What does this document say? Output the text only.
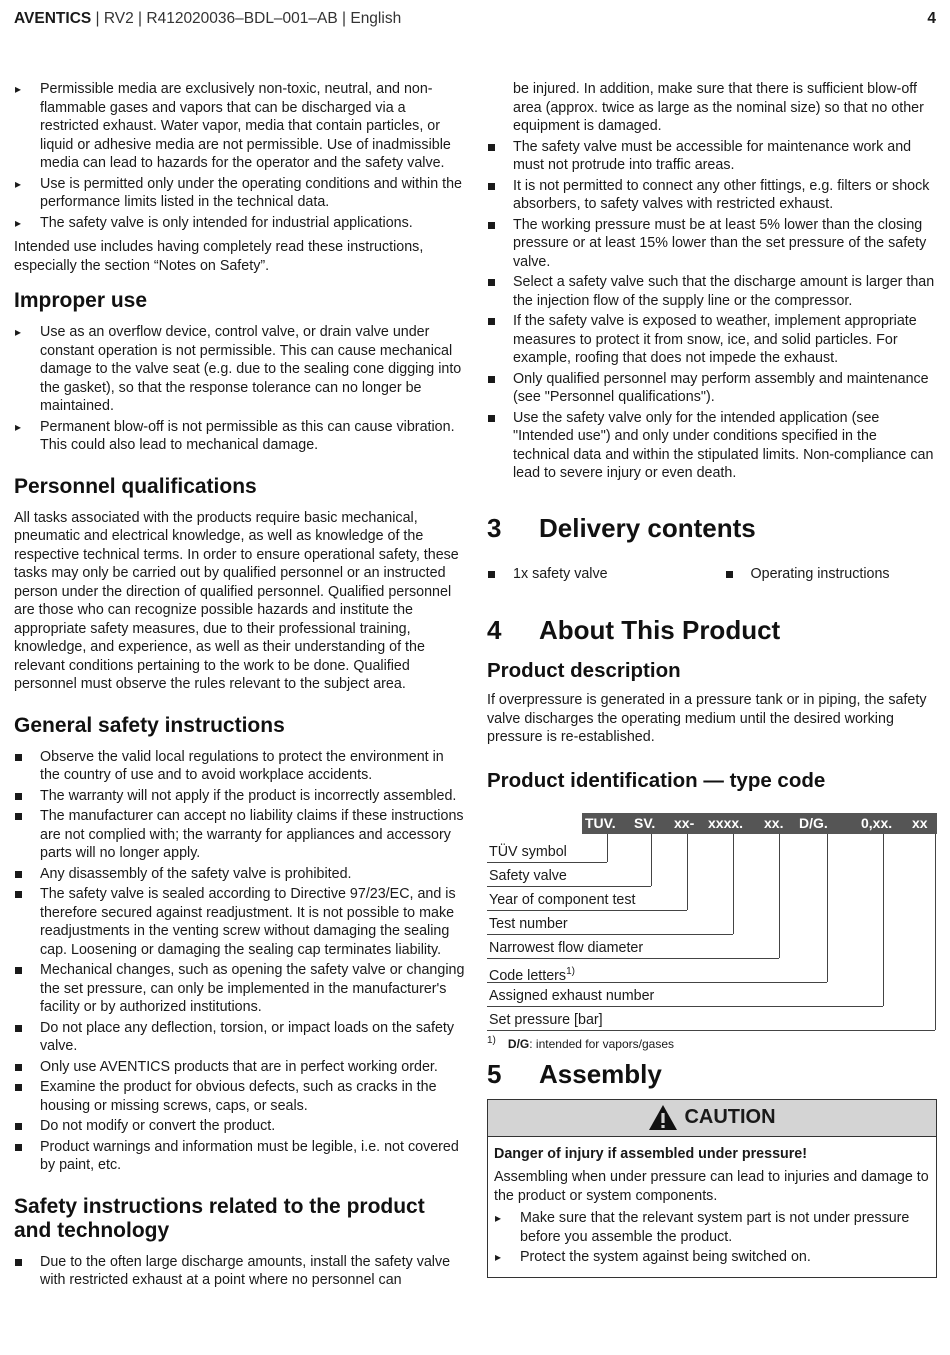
AVENTICS | RV2 | R412020036–BDL–001–AB | English	4
▸ Permissible media are exclusively non-toxic, neutral, and non-flammable gases and vapors that can be discharged via a restricted exhaust. Water vapor, media that contain particles, or liquid or adhesive media are not permissible. Use of inadmissible media can lead to hazards for the operator and the safety valve.
▸ Use is permitted only under the operating conditions and within the performance limits listed in the technical data.
▸ The safety valve is only intended for industrial applications.

Intended use includes having completely read these instructions, especially the section “Notes on Safety”.

Improper use
▸ Use as an overflow device, control valve, or drain valve under constant operation is not permissible. This can cause mechanical damage to the valve seat (e.g. due to the sealing cone digging into the gasket), so that the response tolerance can no longer be maintained.
▸ Permanent blow-off is not permissible as this can cause vibration. This could also lead to mechanical damage.
Personnel qualifications

All tasks associated with the products require basic mechanical, pneumatic and electrical knowledge, as well as knowledge of the respective technical terms. In order to ensure operational safety, these tasks may only be carried out by qualified personnel or an instructed person under the direction of qualified personnel. Qualified personnel are those who can recognize possible hazards and institute the appropriate safety measures, due to their professional training, knowledge, and experience, as well as their understanding of the relevant conditions pertaining to the work to be done. Qualified personnel must observe the rules relevant to the subject area.

General safety instructions
Observe the valid local regulations to protect the environment in the country of use and to avoid workplace accidents.
The warranty will not apply if the product is incorrectly assembled.
The manufacturer can accept no liability claims if these instructions are not complied with; the warranty for appliances and accessory parts will no longer apply.
Any disassembly of the safety valve is prohibited.
The safety valve is sealed according to Directive 97/23/EC, and is therefore secured against readjustment. It is not possible to make readjustments in the venting screw without damaging the sealing cap. Loosening or damaging the sealing cap terminates liability.
Mechanical changes, such as opening the safety valve or changing the set pressure, can only be implemented in the manufacturer's facility or by authorized institutions.
Do not place any deflection, torsion, or impact loads on the safety valve.
Only use AVENTICS products that are in perfect working order.
Examine the product for obvious defects, such as cracks in the housing or missing screws, caps, or seals.
Do not modify or convert the product.
Product warnings and information must be legible, i.e. not covered by paint, etc.
Safety instructions related to the product and technology
Due to the often large discharge amounts, install the safety valve with restricted exhaust at a point where no personnel can

be injured. In addition, make sure that there is sufficient blow-off area (approx. twice as large as the nominal size) so that no other equipment is damaged.

The safety valve must be accessible for maintenance work and must not protrude into traffic areas.
It is not permitted to connect any other fittings, e.g. filters or shock absorbers, to safety valves with restricted exhaust.
The working pressure must be at least 5% lower than the closing pressure or at least 15% lower than the set pressure of the safety valve.
Select a safety valve such that the discharge amount is larger than the injection flow of the supply line or the compressor.
If the safety valve is exposed to weather, implement appropriate measures to protect it from snow, ice, and solid particles. For example, roofing that does not impede the exhaust.
Only qualified personnel may perform assembly and maintenance (see "Personnel qualifications").
Use the safety valve only for the intended application (see "Intended use") and only under conditions specified in the technical data and within the stipulated limits. Non-compliance can lead to severe injury or even death.
3 Delivery contents
1x safety valve	Operating instructions
4 About This Product
Product description

If overpressure is generated in a pressure tank or in piping, the safety valve discharges the operating medium until the desired working pressure is re-established.

Product identification — type code
TUV. SV. xx- xxxx. xx. D/G. 0,xx. xx
TÜV symbol
Safety valve
Year of component test
Test number
Narrowest flow diameter
Code letters$^{1)}$
Assigned exhaust number
Set pressure [bar]
$^{1)}$ D/G: intended for vapors/gases
5 Assembly
CAUTION

Danger of injury if assembled under pressure!

Assembling when under pressure can lead to injuries and damage to the product or system components.

▸ Make sure that the relevant system part is not under pressure before you assemble the product.
▸ Protect the system against being switched on.
